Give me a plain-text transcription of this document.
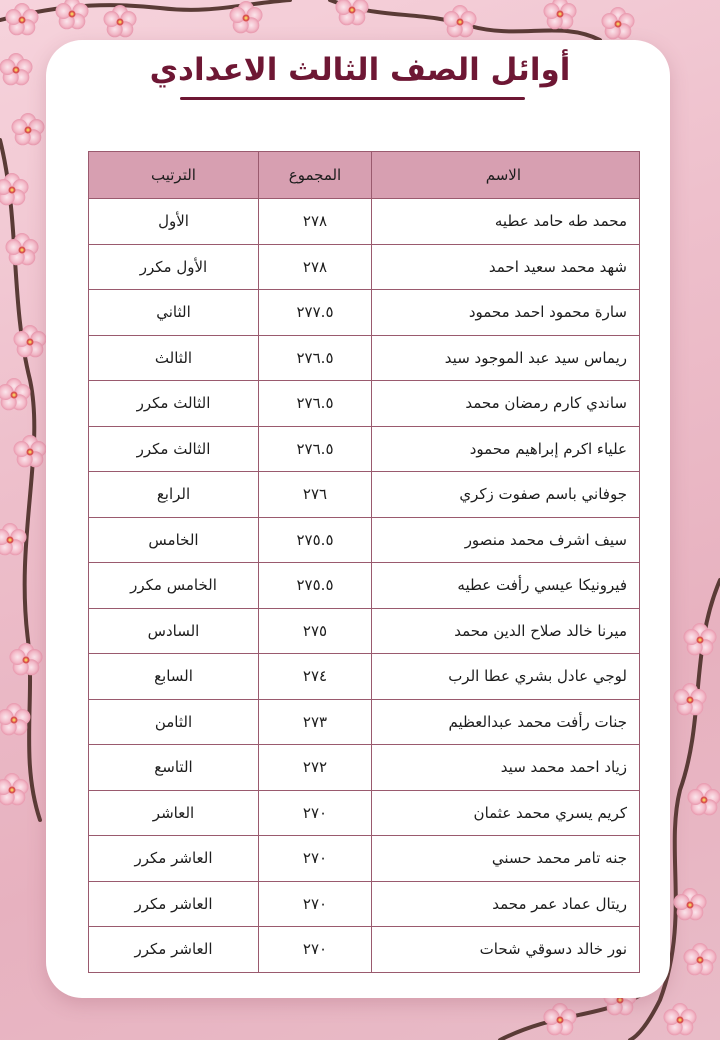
أوائل الصف الثالث الاعدادي
الاسم	المجموع	الترتيب
محمد طه حامد عطيه	٢٧٨	الأول
شهد محمد سعيد احمد	٢٧٨	الأول مكرر
سارة محمود احمد محمود	٢٧٧.٥	الثاني
ريماس سيد عبد الموجود سيد	٢٧٦.٥	الثالث
ساندي كارم رمضان محمد	٢٧٦.٥	الثالث مكرر
علياء اكرم إبراهيم محمود	٢٧٦.٥	الثالث مكرر
جوفاني باسم صفوت زكري	٢٧٦	الرابع
سيف اشرف محمد منصور	٢٧٥.٥	الخامس
فيرونيكا عيسي رأفت عطيه	٢٧٥.٥	الخامس مكرر
ميرنا خالد صلاح الدين محمد	٢٧٥	السادس
لوجي عادل بشري عطا الرب	٢٧٤	السابع
جنات رأفت محمد عبدالعظيم	٢٧٣	الثامن
زياد احمد محمد سيد	٢٧٢	التاسع
كريم يسري محمد عثمان	٢٧٠	العاشر
جنه تامر محمد حسني	٢٧٠	العاشر مكرر
ريتال عماد عمر محمد	٢٧٠	العاشر مكرر
نور خالد دسوقي شحات	٢٧٠	العاشر مكرر
